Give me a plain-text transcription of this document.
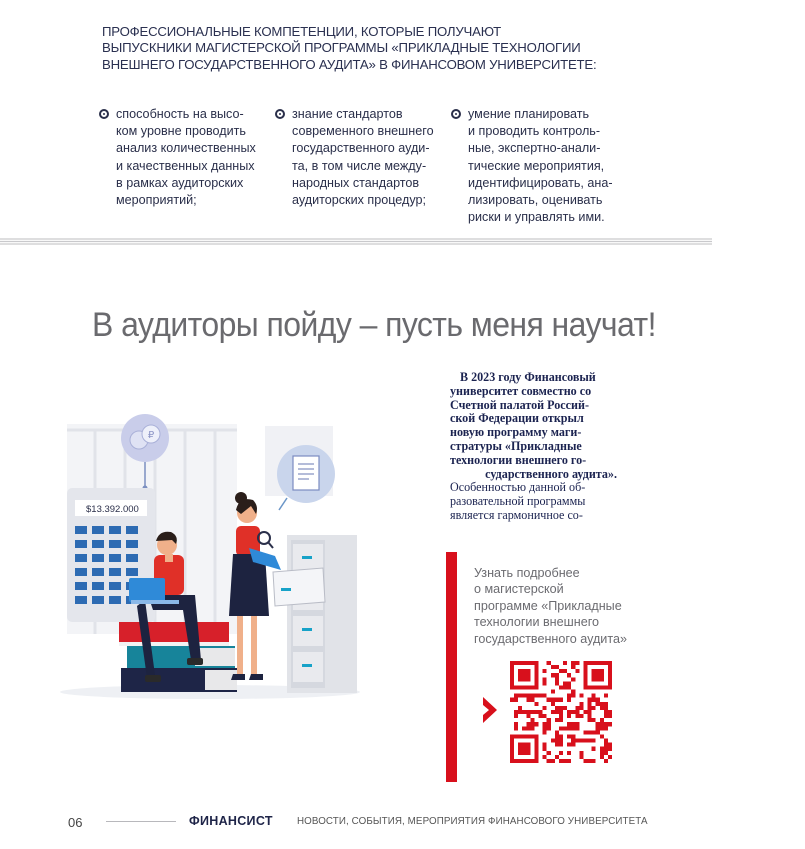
ПРОФЕССИОНАЛЬНЫЕ КОМПЕТЕНЦИИ, КОТОРЫЕ ПОЛУЧАЮТ
ВЫПУСКНИКИ МАГИСТЕРСКОЙ ПРОГРАММЫ «ПРИКЛАДНЫЕ ТЕХНОЛОГИИ
ВНЕШНЕГО ГОСУДАРСТВЕННОГО АУДИТА» В ФИНАНСОВОМ УНИВЕРСИТЕТЕ:
способность на высо-
ком уровне проводить
анализ количественных
и качественных данных
в рамках аудиторских
мероприятий;
знание стандартов
современного внешнего
государственного ауди-
та, в том числе между-
народных стандартов
аудиторских процедур;
умение планировать
и проводить контроль-
ные, экспертно-анали-
тические мероприятия,
идентифицировать, ана-
лизировать, оценивать
риски и управлять ими.
В аудиторы пойду – пусть меня научат!
В 2023 году Финансовый
университет совместно со
Счетной палатой Россий-
ской Федерации открыл
новую программу маги-
стратуры «Прикладные
технологии внешнего го-
сударственного аудита».
Особенностью данной об-
разовательной программы
является гармоничное со-
₽
$13.392.000
Узнать подробнее
о магистерской
программе «Прикладные
технологии внешнего
государственного аудита»
06	ФИНАНСИСТ НОВОСТИ, СОБЫТИЯ, МЕРОПРИЯТИЯ ФИНАНСОВОГО УНИВЕРСИТЕТА
